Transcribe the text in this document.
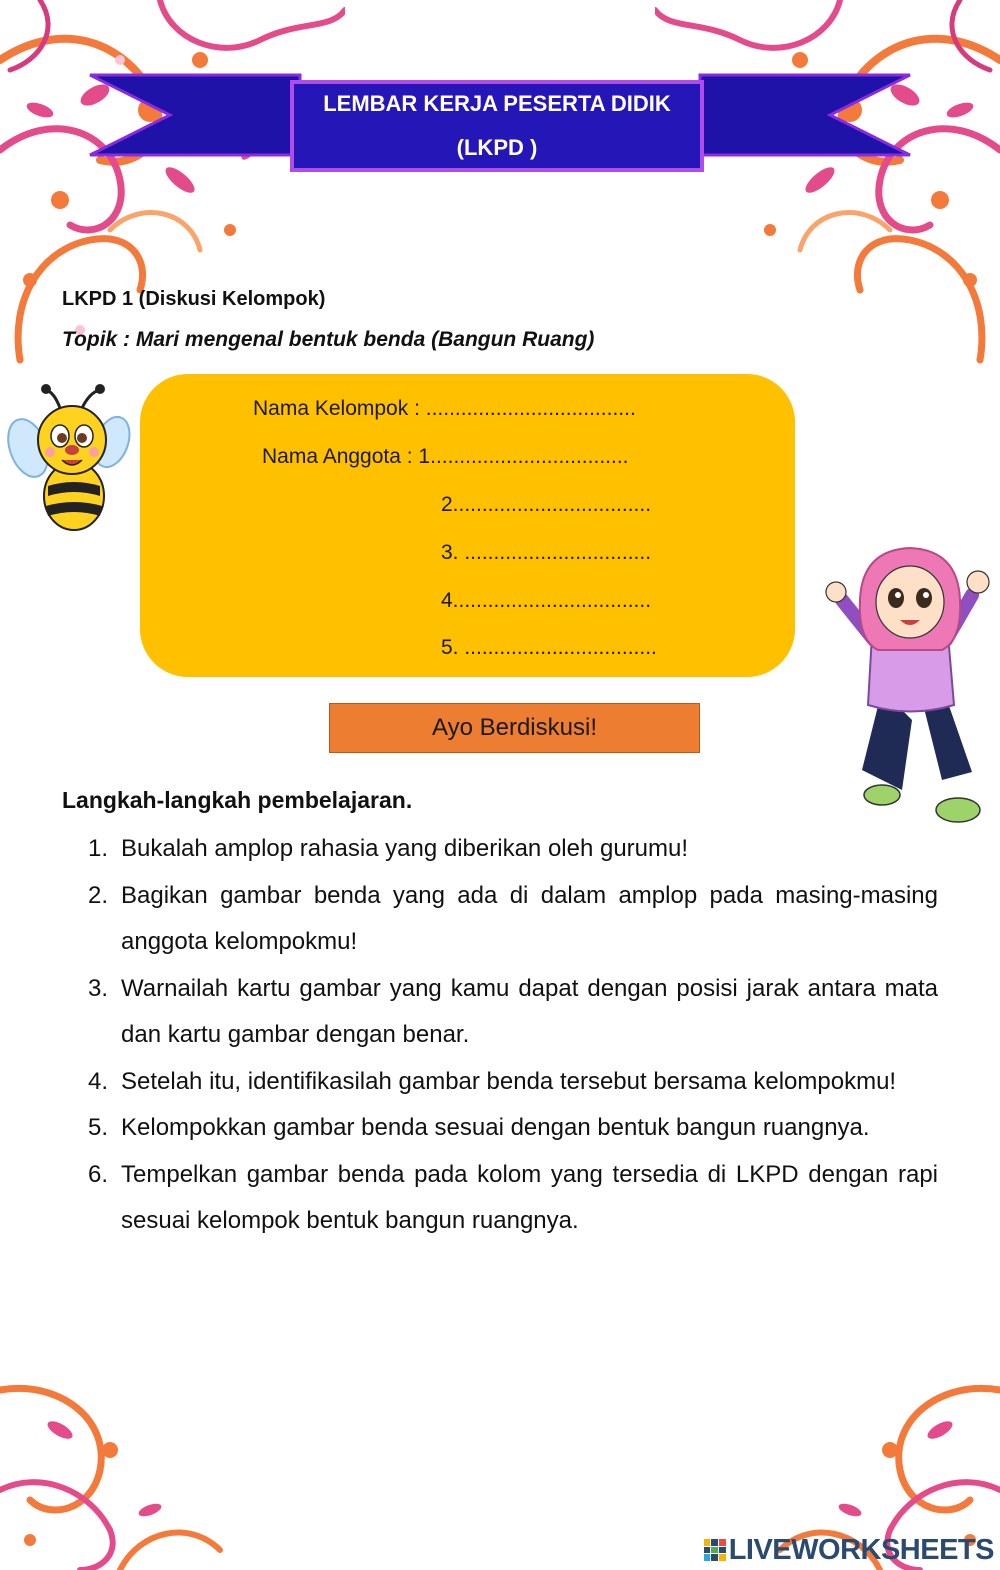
LEMBAR KERJA PESERTA DIDIK
(LKPD )
LKPD 1 (Diskusi Kelompok)
Topik : Mari mengenal bentuk benda (Bangun Ruang)
Nama Kelompok : ....................................
Nama Anggota : 1..................................
2..................................
3. ................................
4..................................
5. .................................
Ayo Berdiskusi!
Langkah-langkah pembelajaran.
1. Bukalah amplop rahasia yang diberikan oleh gurumu!
2. Bagikan gambar benda yang ada di dalam amplop pada masing-masing anggota kelompokmu!
3. Warnailah kartu gambar yang kamu dapat dengan posisi jarak antara mata dan kartu gambar dengan benar.
4. Setelah itu, identifikasilah gambar benda tersebut bersama kelompokmu!
5. Kelompokkan gambar benda sesuai dengan bentuk bangun ruangnya.
6. Tempelkan gambar benda pada kolom yang tersedia di LKPD dengan rapi sesuai kelompok bentuk bangun ruangnya.
LIVEWORKSHEETS
